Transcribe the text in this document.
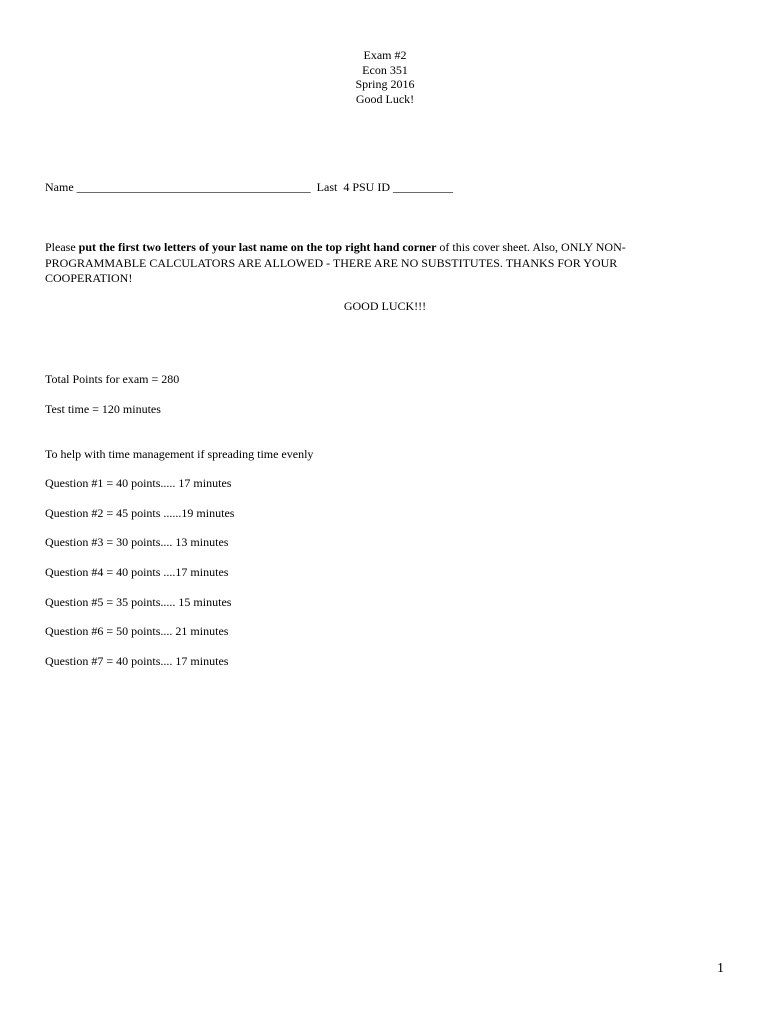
Exam #2
Econ 351
Spring 2016
Good Luck!
Name _______________________________________ Last  4 PSU ID __________
Please put the first two letters of your last name on the top right hand corner of this cover sheet. Also, ONLY NON-PROGRAMMABLE CALCULATORS ARE ALLOWED - THERE ARE NO SUBSTITUTES. THANKS FOR YOUR COOPERATION!
GOOD LUCK!!!
Total Points for exam = 280
Test time = 120 minutes
To help with time management if spreading time evenly
Question #1 = 40 points..... 17 minutes
Question #2 = 45 points ......19 minutes
Question #3 = 30 points.... 13 minutes
Question #4 = 40 points ....17 minutes
Question #5 = 35 points..... 15 minutes
Question #6 = 50 points.... 21 minutes
Question #7 = 40 points.... 17 minutes
1
